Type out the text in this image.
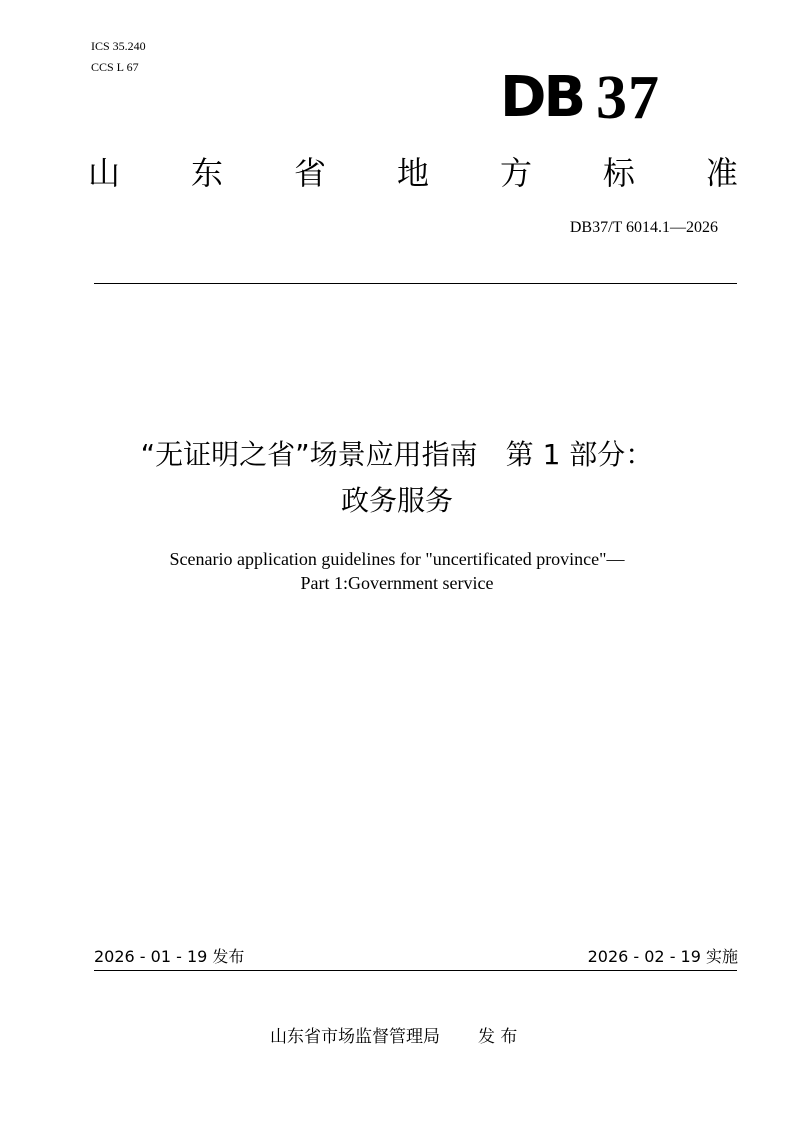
ICS 35.240
CCS L 67	DB 37
山 东 省 地 方 标 准
DB37/T 6014.1—2026
“无证明之省”场景应用指南　第 1 部分：
政务服务
Scenario application guidelines for "uncertificated province"—
Part 1:Government service
2026 - 01 - 19 发布	2026 - 02 - 19 实施
山东省市场监督管理局 发 布
